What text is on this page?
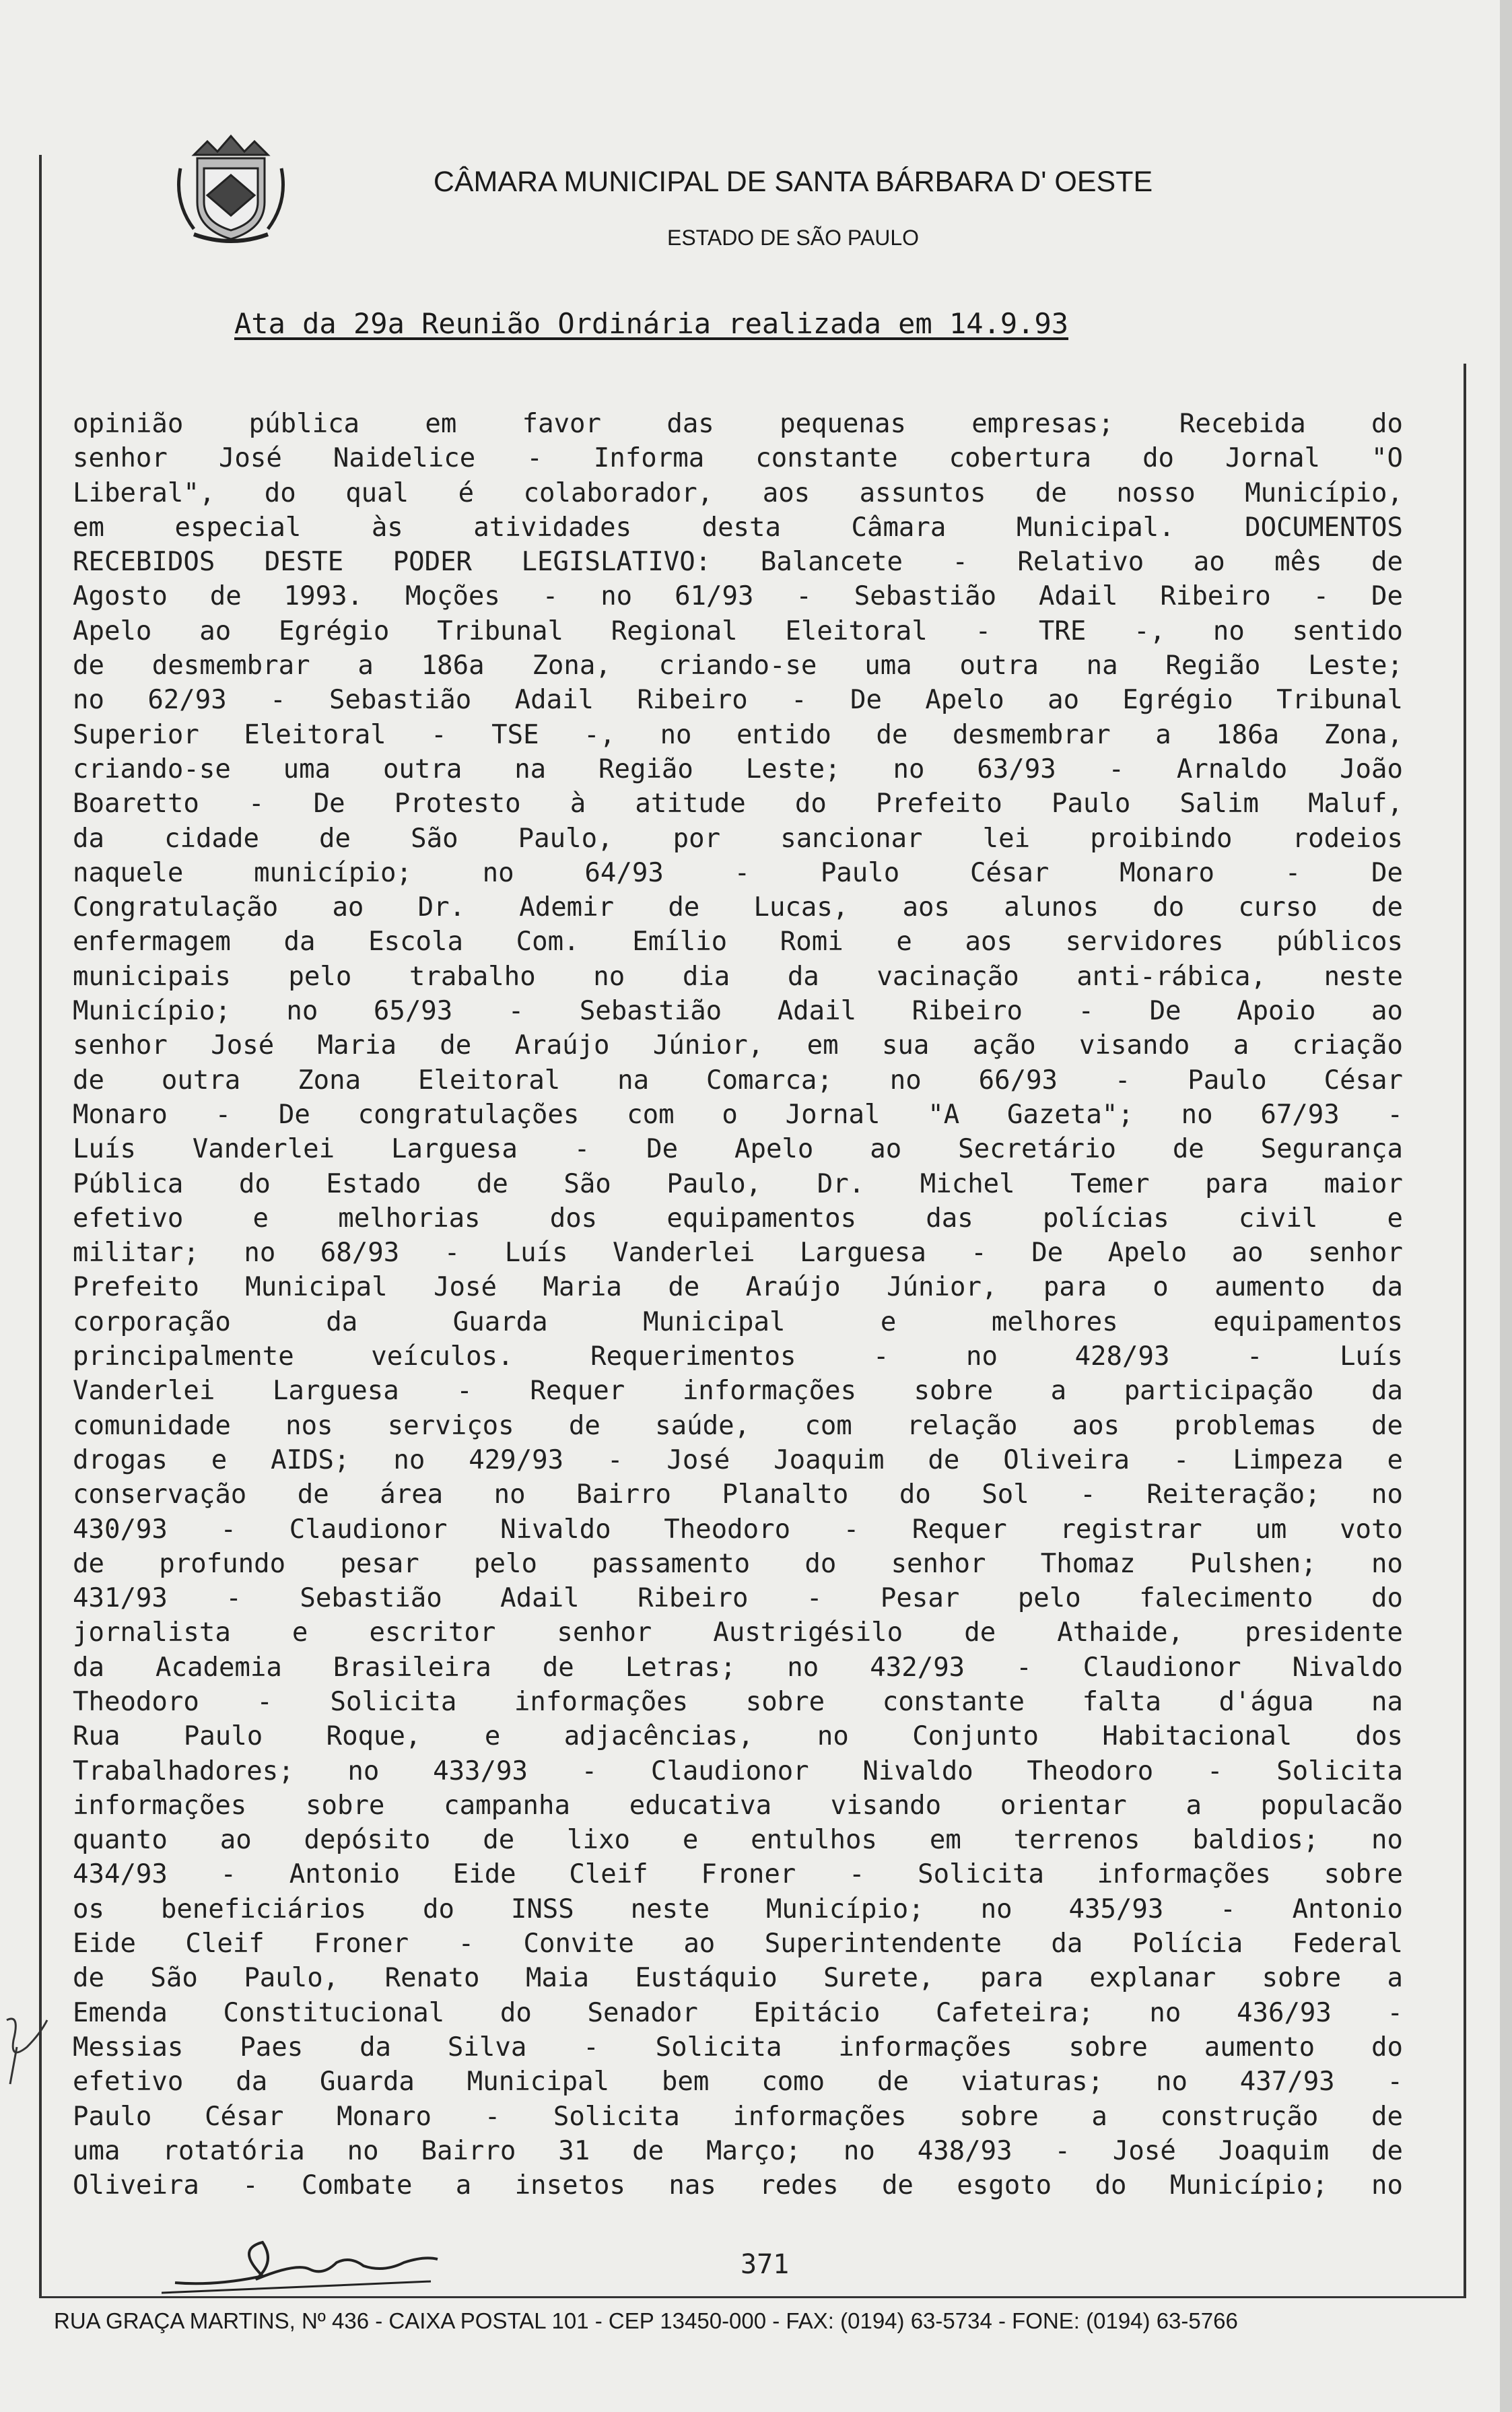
CÂMARA MUNICIPAL DE SANTA BÁRBARA D' OESTE
ESTADO DE SÃO PAULO
Ata da 29a Reunião Ordinária realizada em 14.9.93
opinião pública em favor das pequenas empresas; Recebida do
senhor José Naidelice - Informa constante cobertura do Jornal "O
Liberal", do qual é colaborador, aos assuntos de nosso Município,
em especial às atividades desta Câmara Municipal. DOCUMENTOS
RECEBIDOS DESTE PODER LEGISLATIVO: Balancete - Relativo ao mês de
Agosto de 1993. Moções - no 61/93 - Sebastião Adail Ribeiro - De
Apelo ao Egrégio Tribunal Regional Eleitoral - TRE -, no sentido
de desmembrar a 186a Zona, criando-se uma outra na Região Leste;
no 62/93 - Sebastião Adail Ribeiro - De Apelo ao Egrégio Tribunal
Superior Eleitoral - TSE -, no entido de desmembrar a 186a Zona,
criando-se uma outra na Região Leste; no 63/93 - Arnaldo João
Boaretto - De Protesto à atitude do Prefeito Paulo Salim Maluf,
da cidade de São Paulo, por sancionar lei proibindo rodeios
naquele município; no 64/93 - Paulo César Monaro - De
Congratulação ao Dr. Ademir de Lucas, aos alunos do curso de
enfermagem da Escola Com. Emílio Romi e aos servidores públicos
municipais pelo trabalho no dia da vacinação anti-rábica, neste
Município; no 65/93 - Sebastião Adail Ribeiro - De Apoio ao
senhor José Maria de Araújo Júnior, em sua ação visando a criação
de outra Zona Eleitoral na Comarca; no 66/93 - Paulo César
Monaro - De congratulações com o Jornal "A Gazeta"; no 67/93 -
Luís Vanderlei Larguesa - De Apelo ao Secretário de Segurança
Pública do Estado de São Paulo, Dr. Michel Temer para maior
efetivo e melhorias dos equipamentos das polícias civil e
militar; no 68/93 - Luís Vanderlei Larguesa - De Apelo ao senhor
Prefeito Municipal José Maria de Araújo Júnior, para o aumento da
corporação da Guarda Municipal e melhores equipamentos
principalmente veículos. Requerimentos - no 428/93 - Luís
Vanderlei Larguesa - Requer informações sobre a participação da
comunidade nos serviços de saúde, com relação aos problemas de
drogas e AIDS; no 429/93 - José Joaquim de Oliveira - Limpeza e
conservação de área no Bairro Planalto do Sol - Reiteração; no
430/93 - Claudionor Nivaldo Theodoro - Requer registrar um voto
de profundo pesar pelo passamento do senhor Thomaz Pulshen; no
431/93 - Sebastião Adail Ribeiro - Pesar pelo falecimento do
jornalista e escritor senhor Austrigésilo de Athaide, presidente
da Academia Brasileira de Letras; no 432/93 - Claudionor Nivaldo
Theodoro - Solicita informações sobre constante falta d'água na
Rua Paulo Roque, e adjacências, no Conjunto Habitacional dos
Trabalhadores; no 433/93 - Claudionor Nivaldo Theodoro - Solicita
informações sobre campanha educativa visando orientar a populacão
quanto ao depósito de lixo e entulhos em terrenos baldios; no
434/93 - Antonio Eide Cleif Froner - Solicita informações sobre
os beneficiários do INSS neste Município; no 435/93 - Antonio
Eide Cleif Froner - Convite ao Superintendente da Polícia Federal
de São Paulo, Renato Maia Eustáquio Surete, para explanar sobre a
Emenda Constitucional do Senador Epitácio Cafeteira; no 436/93 -
Messias Paes da Silva - Solicita informações sobre aumento do
efetivo da Guarda Municipal bem como de viaturas; no 437/93 -
Paulo César Monaro - Solicita informações sobre a construção de
uma rotatória no Bairro 31 de Março; no 438/93 - José Joaquim de
Oliveira - Combate a insetos nas redes de esgoto do Município; no
371
RUA GRAÇA MARTINS, Nº 436 - CAIXA POSTAL 101 - CEP 13450-000 - FAX: (0194) 63-5734 - FONE: (0194) 63-5766
